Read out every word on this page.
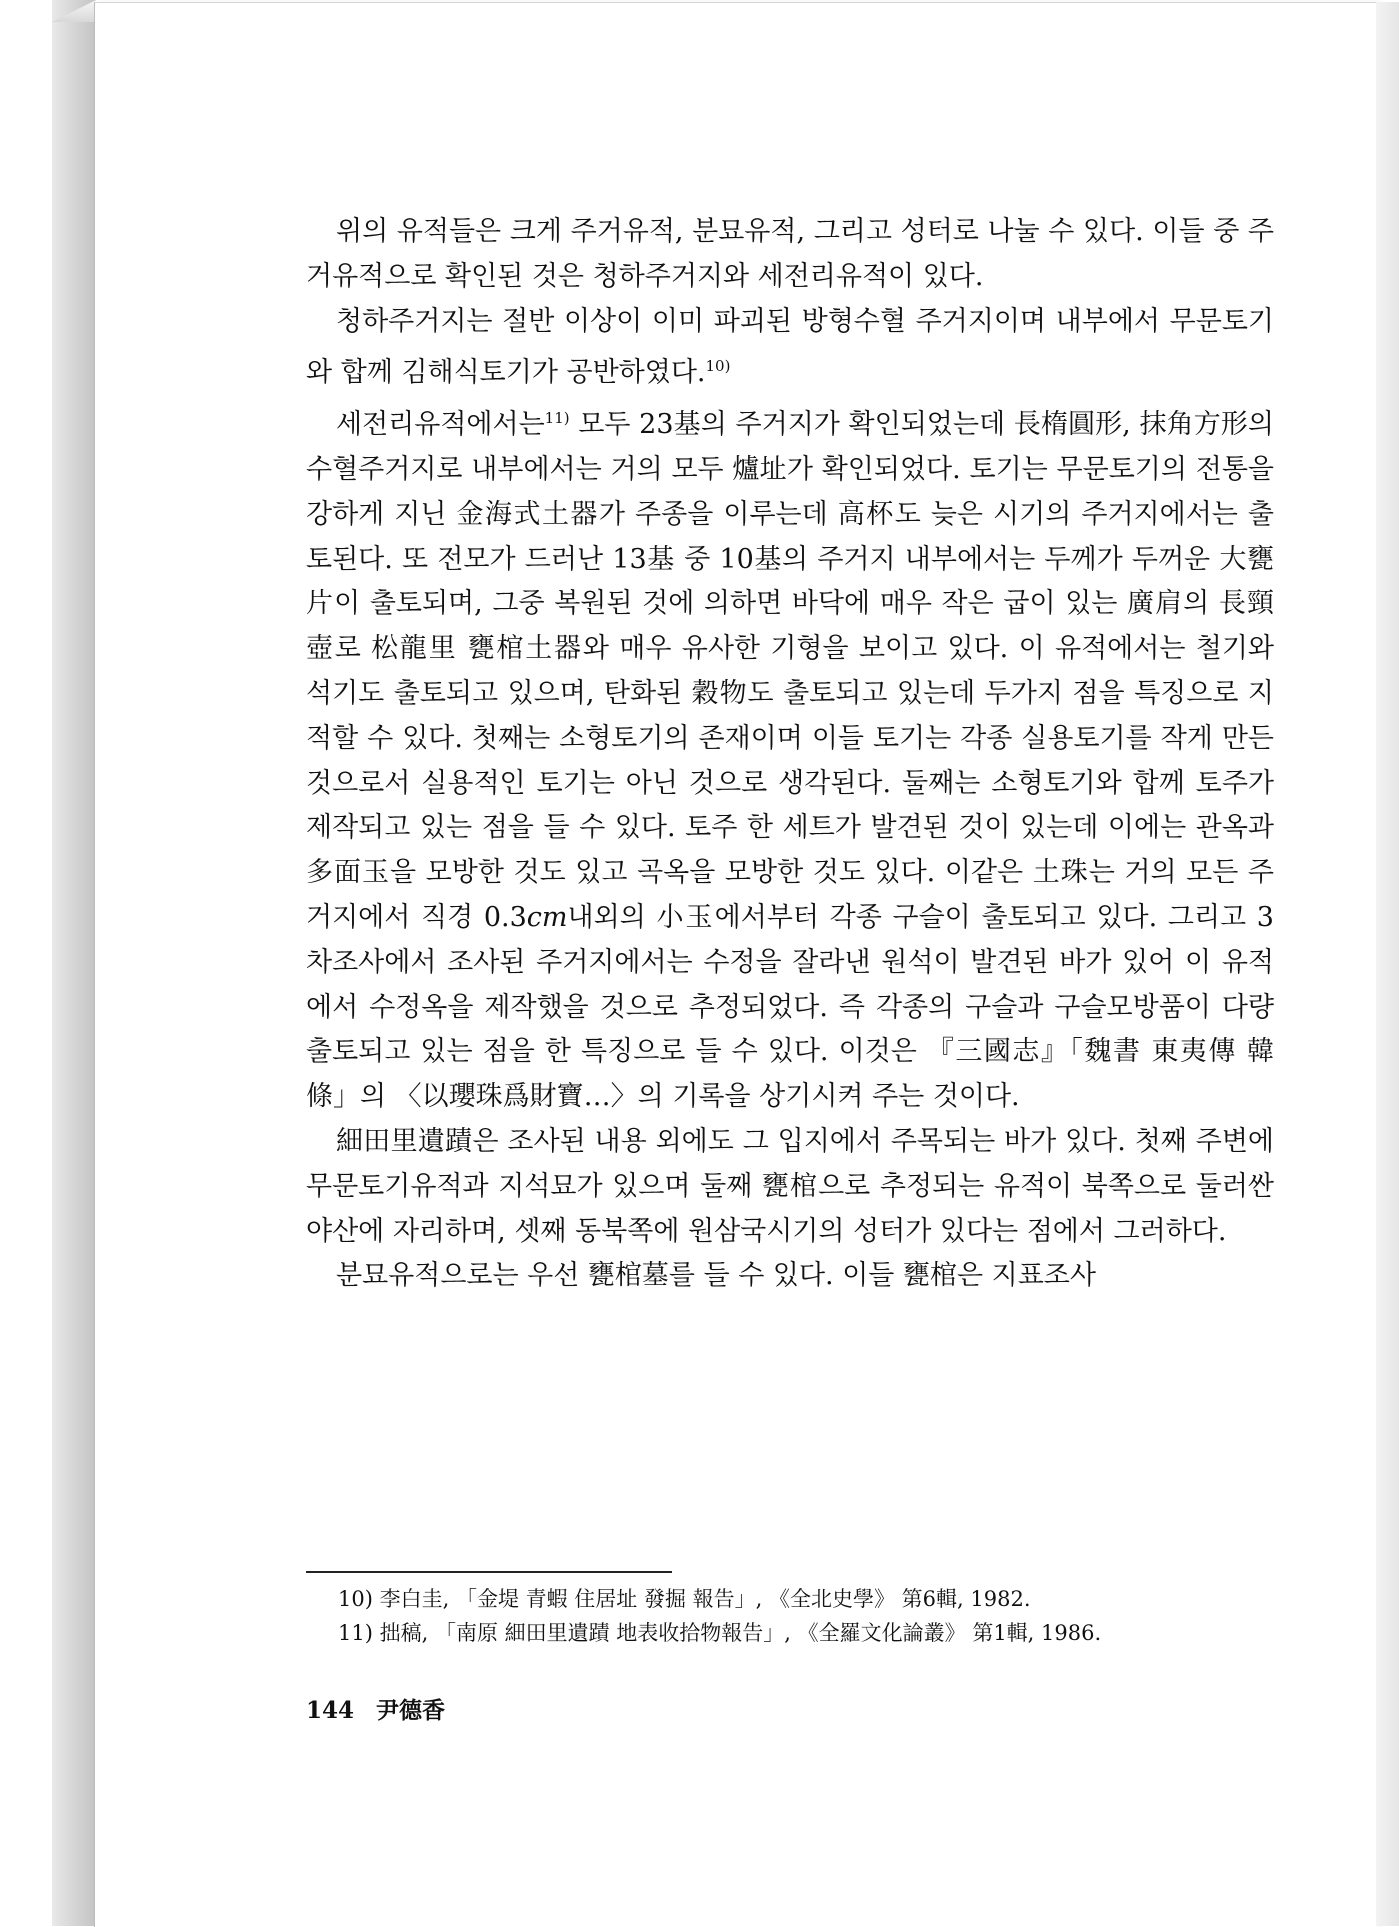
위의 유적들은 크게 주거유적, 분묘유적, 그리고 성터로 나눌 수 있다. 이들 중 주거유적으로 확인된 것은 청하주거지와 세전리유적이 있다.

청하주거지는 절반 이상이 이미 파괴된 방형수혈 주거지이며 내부에서 무문토기와 합께 김해식토기가 공반하였다.$^{10)}$

세전리유적에서는$^{11)}$ 모두 23基의 주거지가 확인되었는데 長楕圓形, 抹角方形의 수혈주거지로 내부에서는 거의 모두 爐址가 확인되었다. 토기는 무문토기의 전통을 강하게 지닌 金海式土器가 주종을 이루는데 高杯도 늦은 시기의 주거지에서는 출토된다. 또 전모가 드러난 13基 중 10基의 주거지 내부에서는 두께가 두꺼운 大甕片이 출토되며, 그중 복원된 것에 의하면 바닥에 매우 작은 굽이 있는 廣肩의 長頸壺로 松龍里 甕棺土器와 매우 유사한 기형을 보이고 있다. 이 유적에서는 철기와 석기도 출토되고 있으며, 탄화된 穀物도 출토되고 있는데 두가지 점을 특징으로 지적할 수 있다. 첫째는 소형토기의 존재이며 이들 토기는 각종 실용토기를 작게 만든 것으로서 실용적인 토기는 아닌 것으로 생각된다. 둘째는 소형토기와 합께 토주가 제작되고 있는 점을 들 수 있다. 토주 한 세트가 발견된 것이 있는데 이에는 관옥과 多面玉을 모방한 것도 있고 곡옥을 모방한 것도 있다. 이같은 土珠는 거의 모든 주거지에서 직경 0.3cm내외의 小玉에서부터 각종 구슬이 출토되고 있다. 그리고 3차조사에서 조사된 주거지에서는 수정을 잘라낸 원석이 발견된 바가 있어 이 유적에서 수정옥을 제작했을 것으로 추정되었다. 즉 각종의 구슬과 구슬모방품이 다량 출토되고 있는 점을 한 특징으로 들 수 있다. 이것은 『三國志』「魏書 東夷傳 韓條」의 〈以瓔珠爲財寶…〉의 기록을 상기시켜 주는 것이다.

細田里遺蹟은 조사된 내용 외에도 그 입지에서 주목되는 바가 있다. 첫째 주변에 무문토기유적과 지석묘가 있으며 둘째 甕棺으로 추정되는 유적이 북쪽으로 둘러싼 야산에 자리하며, 셋째 동북쪽에 원삼국시기의 성터가 있다는 점에서 그러하다.

분묘유적으로는 우선 甕棺墓를 들 수 있다. 이들 甕棺은 지표조사

10) 李白圭, 「金堤 青蝦 住居址 發掘 報告」, 《全北史學》 第6輯, 1982.

11) 拙稿, 「南原 細田里遺蹟 地表收拾物報告」, 《全羅文化論叢》 第1輯, 1986.

144 尹德香
